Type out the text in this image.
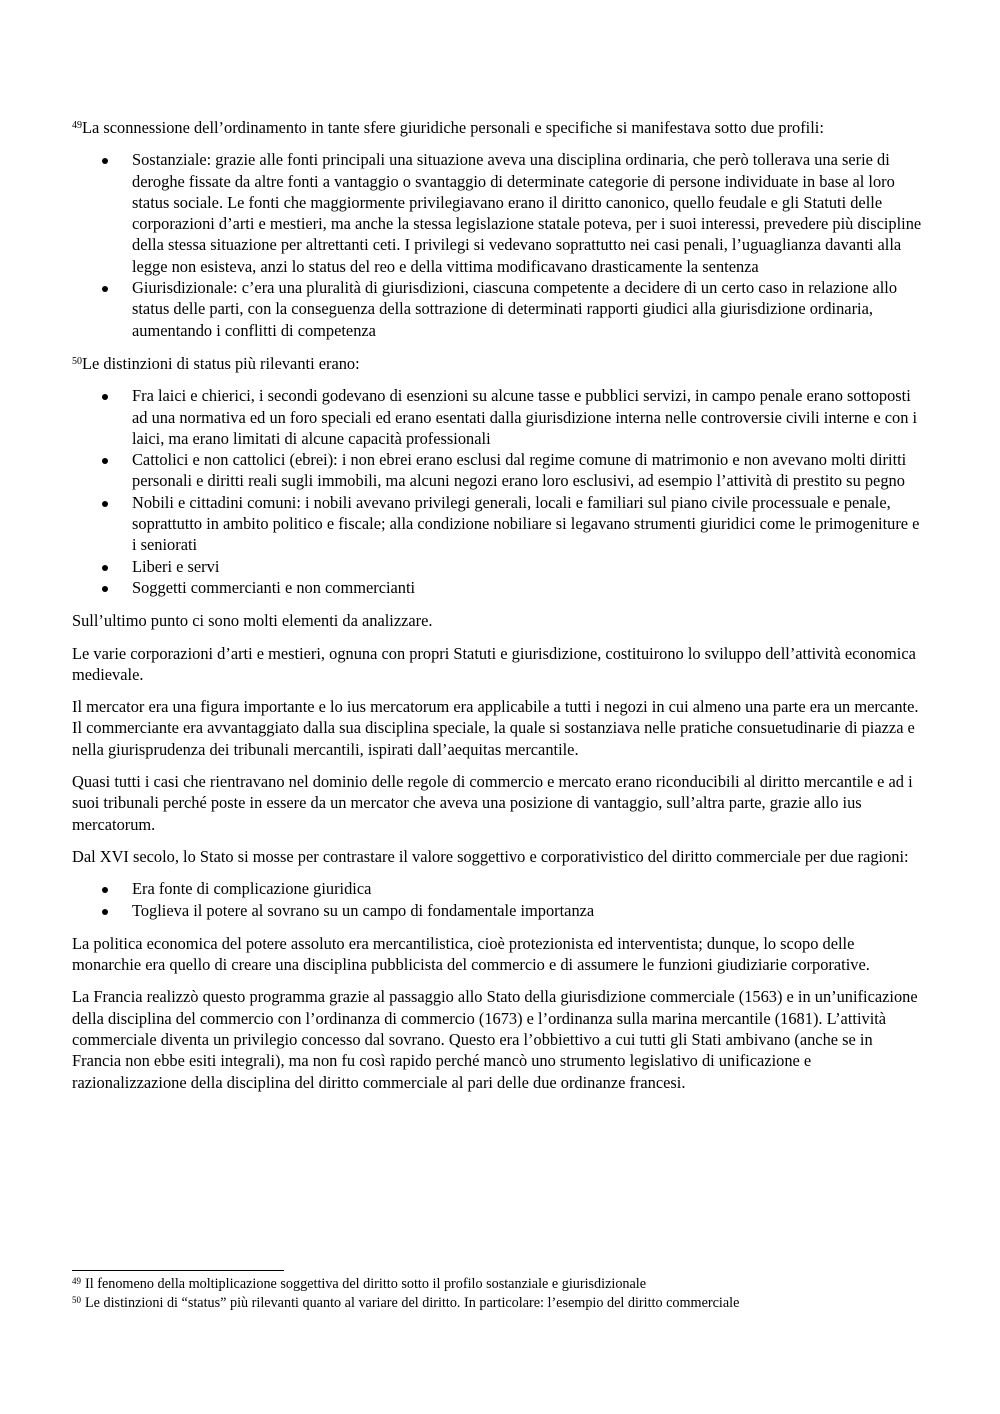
$^{49}$La sconnessione dell’ordinamento in tante sfere giuridiche personali e specifiche si manifestava sotto due profili:

Sostanziale: grazie alle fonti principali una situazione aveva una disciplina ordinaria, che però tollerava una serie di deroghe fissate da altre fonti a vantaggio o svantaggio di determinate categorie di persone individuate in base al loro status sociale. Le fonti che maggiormente privilegiavano erano il diritto canonico, quello feudale e gli Statuti delle corporazioni d’arti e mestieri, ma anche la stessa legislazione statale poteva, per i suoi interessi, prevedere più discipline della stessa situazione per altrettanti ceti. I privilegi si vedevano soprattutto nei casi penali, l’uguaglianza davanti alla legge non esisteva, anzi lo status del reo e della vittima modificavano drasticamente la sentenza
Giurisdizionale: c’era una pluralità di giurisdizioni, ciascuna competente a decidere di un certo caso in relazione allo status delle parti, con la conseguenza della sottrazione di determinati rapporti giudici alla giurisdizione ordinaria, aumentando i conflitti di competenza

$^{50}$Le distinzioni di status più rilevanti erano:

Fra laici e chierici, i secondi godevano di esenzioni su alcune tasse e pubblici servizi, in campo penale erano sottoposti ad una normativa ed un foro speciali ed erano esentati dalla giurisdizione interna nelle controversie civili interne e con i laici, ma erano limitati di alcune capacità professionali
Cattolici e non cattolici (ebrei): i non ebrei erano esclusi dal regime comune di matrimonio e non avevano molti diritti personali e diritti reali sugli immobili, ma alcuni negozi erano loro esclusivi, ad esempio l’attività di prestito su pegno
Nobili e cittadini comuni: i nobili avevano privilegi generali, locali e familiari sul piano civile processuale e penale, soprattutto in ambito politico e fiscale; alla condizione nobiliare si legavano strumenti giuridici come le primogeniture e i seniorati
Liberi e servi
Soggetti commercianti e non commercianti

Sull’ultimo punto ci sono molti elementi da analizzare.

Le varie corporazioni d’arti e mestieri, ognuna con propri Statuti e giurisdizione, costituirono lo sviluppo dell’attività economica medievale.

Il mercator era una figura importante e lo ius mercatorum era applicabile a tutti i negozi in cui almeno una parte era un mercante. Il commerciante era avvantaggiato dalla sua disciplina speciale, la quale si sostanziava nelle pratiche consuetudinarie di piazza e nella giurisprudenza dei tribunali mercantili, ispirati dall’aequitas mercantile.

Quasi tutti i casi che rientravano nel dominio delle regole di commercio e mercato erano riconducibili al diritto mercantile e ad i suoi tribunali perché poste in essere da un mercator che aveva una posizione di vantaggio, sull’altra parte, grazie allo ius mercatorum.

Dal XVI secolo, lo Stato si mosse per contrastare il valore soggettivo e corporativistico del diritto commerciale per due ragioni:

Era fonte di complicazione giuridica
Toglieva il potere al sovrano su un campo di fondamentale importanza

La politica economica del potere assoluto era mercantilistica, cioè protezionista ed interventista; dunque, lo scopo delle monarchie era quello di creare una disciplina pubblicista del commercio e di assumere le funzioni giudiziarie corporative.

La Francia realizzò questo programma grazie al passaggio allo Stato della giurisdizione commerciale (1563) e in un’unificazione della disciplina del commercio con l’ordinanza di commercio (1673) e l’ordinanza sulla marina mercantile (1681). L’attività commerciale diventa un privilegio concesso dal sovrano. Questo era l’obbiettivo a cui tutti gli Stati ambivano (anche se in Francia non ebbe esiti integrali), ma non fu così rapido perché mancò uno strumento legislativo di unificazione e razionalizzazione della disciplina del diritto commerciale al pari delle due ordinanze francesi.

$^{49}$ Il fenomeno della moltiplicazione soggettiva del diritto sotto il profilo sostanziale e giurisdizionale
$^{50}$ Le distinzioni di “status” più rilevanti quanto al variare del diritto. In particolare: l’esempio del diritto commerciale
